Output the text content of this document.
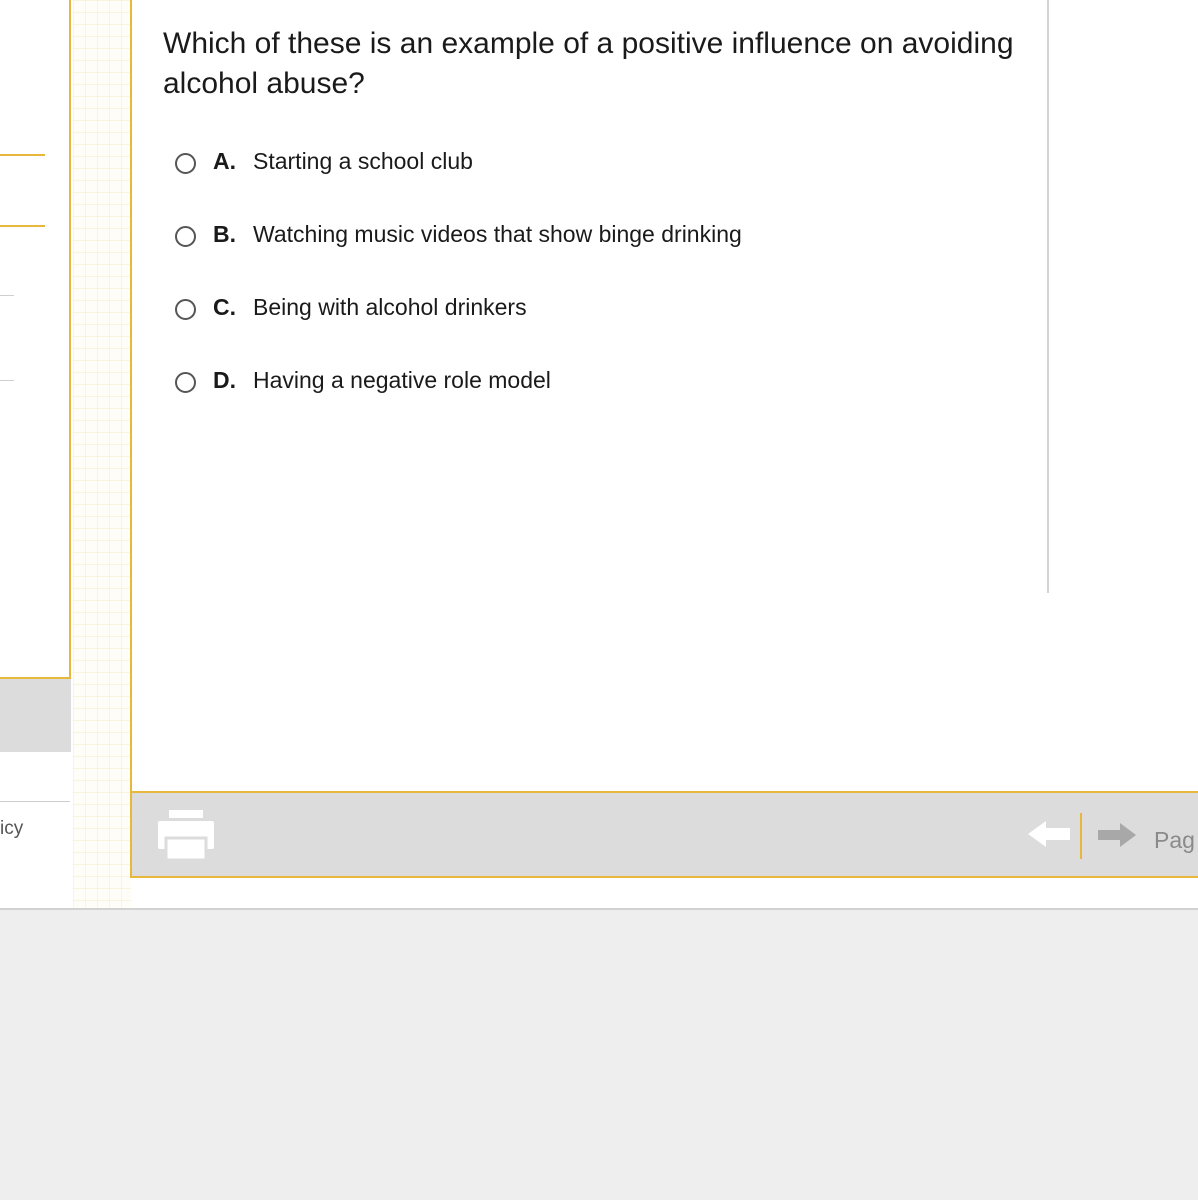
icy
Which of these is an example of a positive influence on avoiding alcohol abuse?
A. Starting a school club
B. Watching music videos that show binge drinking
C. Being with alcohol drinkers
D. Having a negative role model
Pag
